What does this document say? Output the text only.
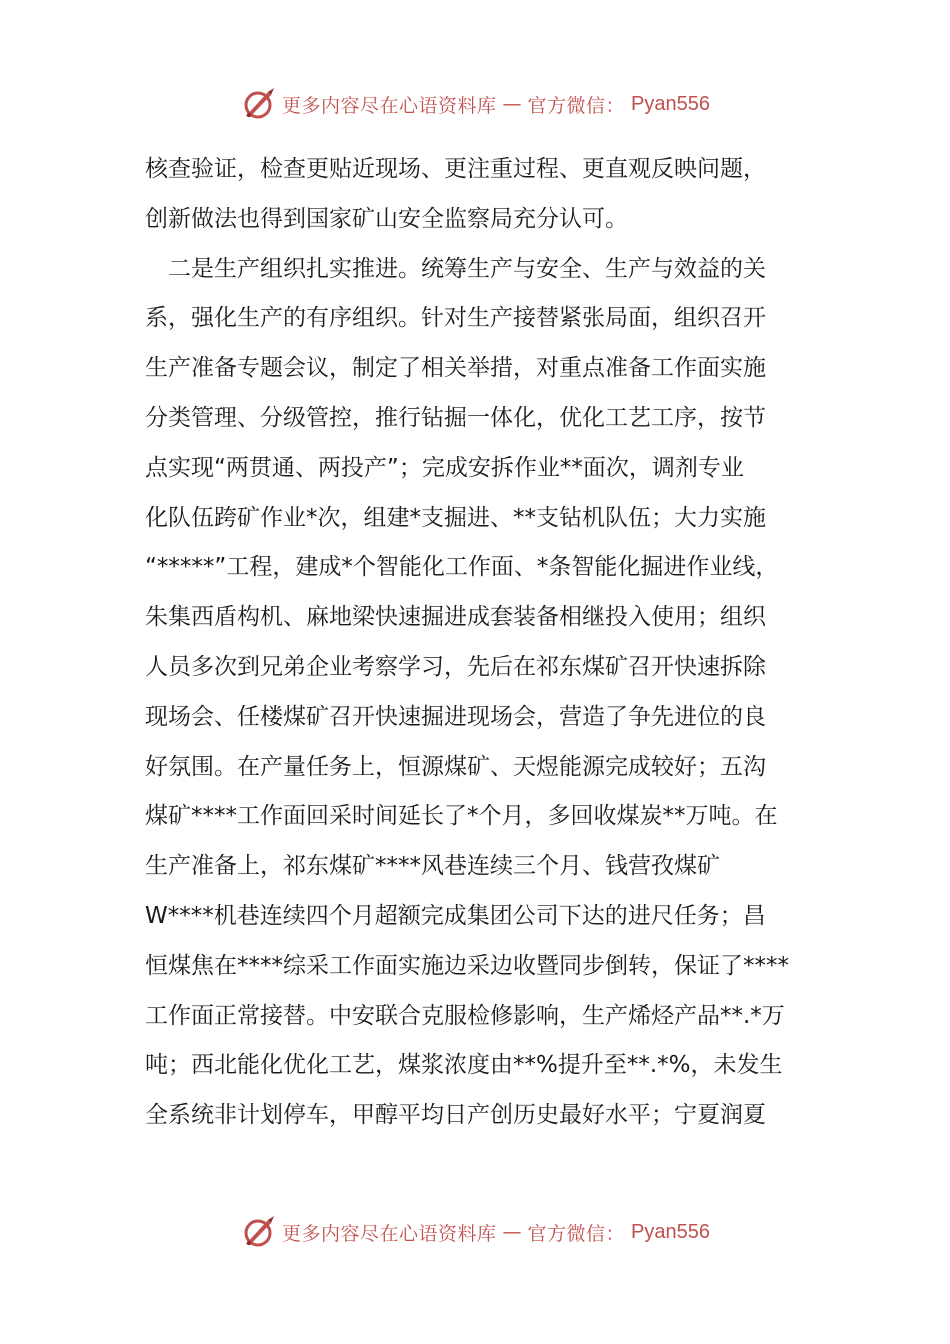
更多内容尽在心语资料库 — 官方微信： Pyan556
核查验证，检查更贴近现场、更注重过程、更直观反映问题，
创新做法也得到国家矿山安全监察局充分认可。
　二是生产组织扎实推进。统筹生产与安全、生产与效益的关
系，强化生产的有序组织。针对生产接替紧张局面，组织召开
生产准备专题会议，制定了相关举措，对重点准备工作面实施
分类管理、分级管控，推行钻掘一体化，优化工艺工序，按节
点实现“两贯通、两投产”；完成安拆作业**面次，调剂专业
化队伍跨矿作业*次，组建*支掘进、**支钻机队伍；大力实施
“*****”工程，建成*个智能化工作面、*条智能化掘进作业线，
朱集西盾构机、麻地梁快速掘进成套装备相继投入使用；组织
人员多次到兄弟企业考察学习，先后在祁东煤矿召开快速拆除
现场会、任楼煤矿召开快速掘进现场会，营造了争先进位的良
好氛围。在产量任务上，恒源煤矿、天煜能源完成较好；五沟
煤矿****工作面回采时间延长了*个月，多回收煤炭**万吨。在
生产准备上，祁东煤矿****风巷连续三个月、钱营孜煤矿
W****机巷连续四个月超额完成集团公司下达的进尺任务；昌
恒煤焦在****综采工作面实施边采边收暨同步倒转，保证了****
工作面正常接替。中安联合克服检修影响，生产烯烃产品**.*万
吨；西北能化优化工艺，煤浆浓度由**%提升至**.*%，未发生
全系统非计划停车，甲醇平均日产创历史最好水平；宁夏润夏
更多内容尽在心语资料库 — 官方微信： Pyan556
